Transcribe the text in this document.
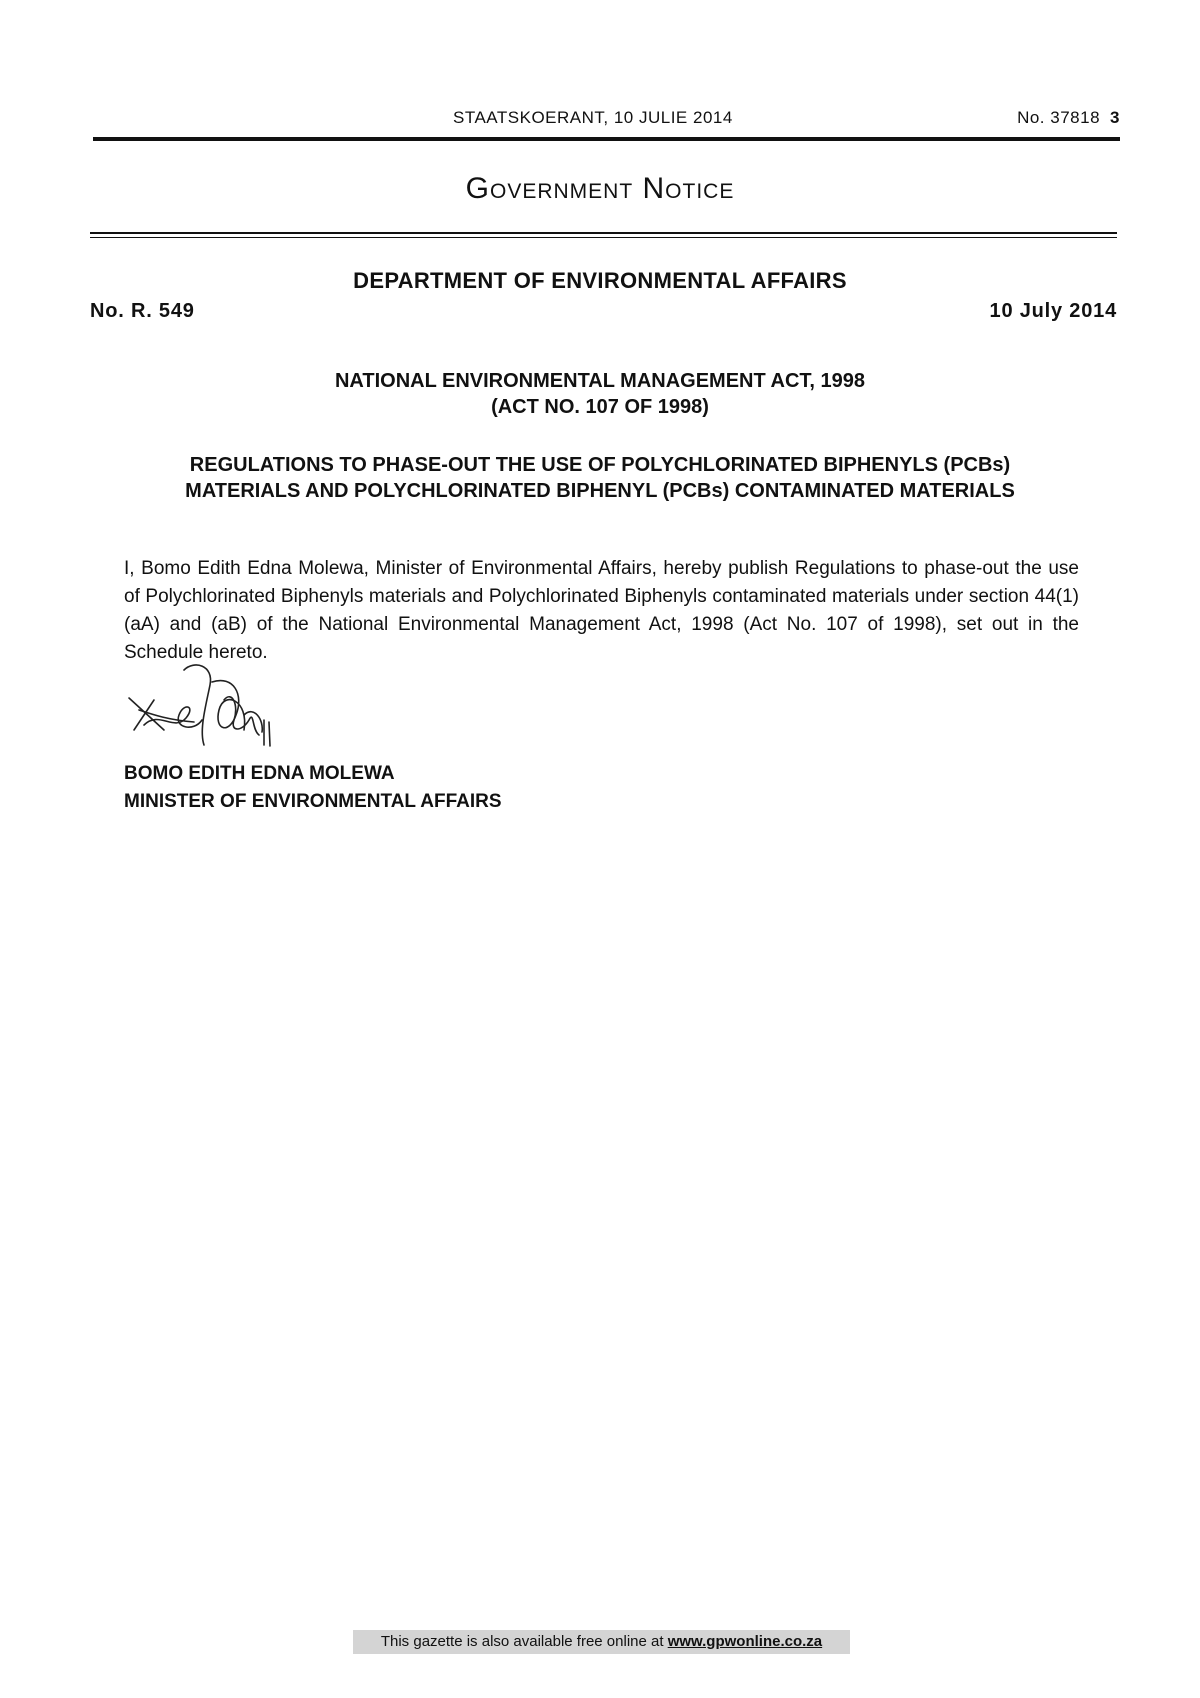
STAATSKOERANT, 10 JULIE 2014	No. 37818 3
Government Notice
DEPARTMENT OF ENVIRONMENTAL AFFAIRS
No. R. 549	10 July 2014
NATIONAL ENVIRONMENTAL MANAGEMENT ACT, 1998
(ACT NO. 107 OF 1998)
REGULATIONS TO PHASE-OUT THE USE OF POLYCHLORINATED BIPHENYLS (PCBs)
MATERIALS AND POLYCHLORINATED BIPHENYL (PCBs) CONTAMINATED MATERIALS

I, Bomo Edith Edna Molewa, Minister of Environmental Affairs, hereby publish Regulations to phase-out the use of Polychlorinated Biphenyls materials and Polychlorinated Biphenyls contaminated materials under section 44(1)(aA) and (aB) of the National Environmental Management Act, 1998 (Act No. 107 of 1998), set out in the Schedule hereto.

BOMO EDITH EDNA MOLEWA
MINISTER OF ENVIRONMENTAL AFFAIRS
This gazette is also available free online at www.gpwonline.co.za
